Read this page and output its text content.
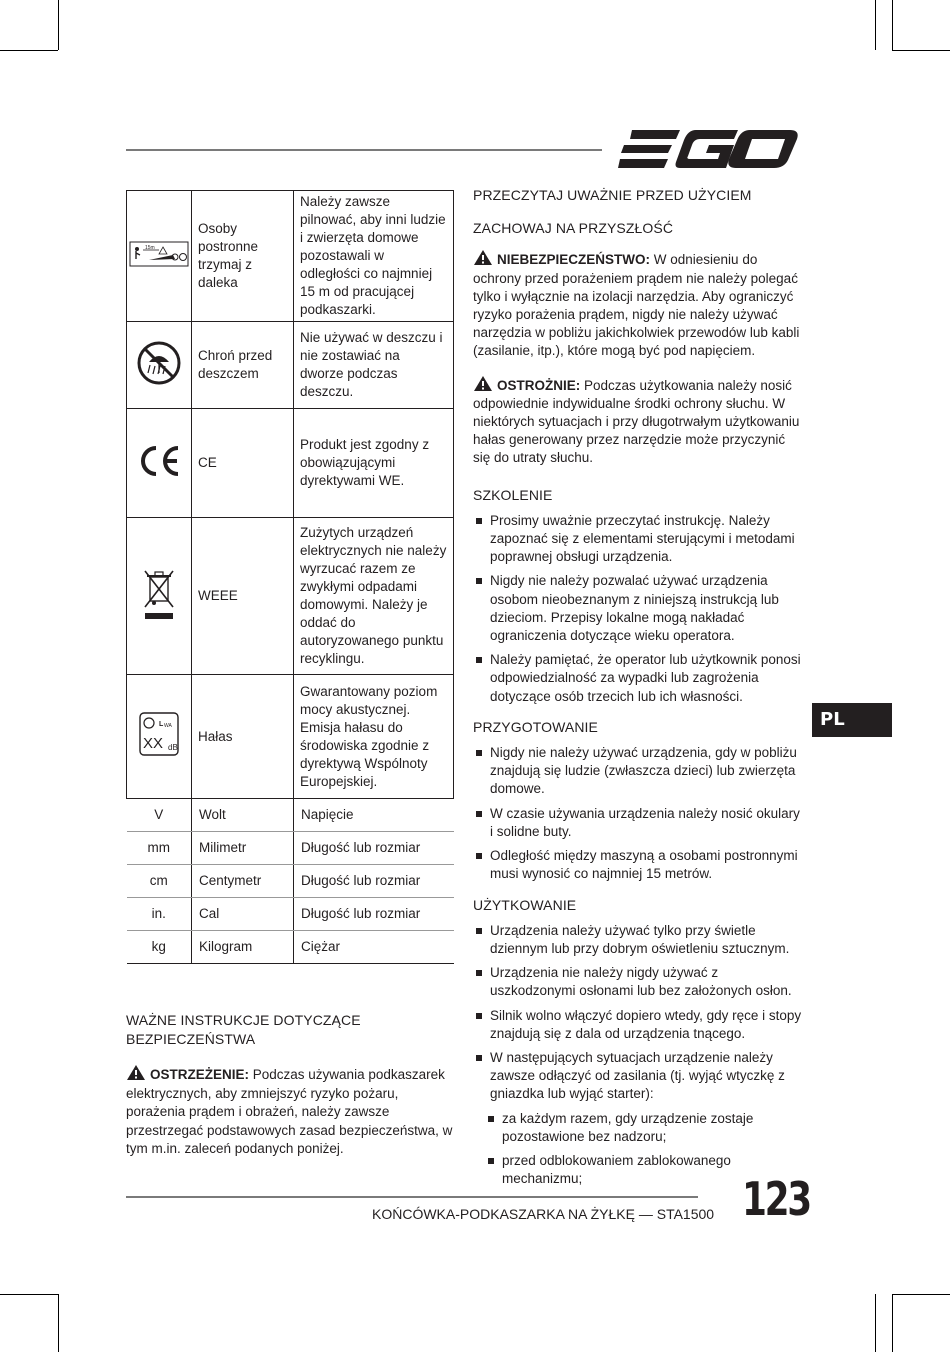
15m	Osoby postronne trzymaj z daleka	Należy zawsze pilnować, aby inni ludzie i zwierzęta domowe pozostawali w odległości co najmniej 15 m od pracującej podkaszarki.
	Chroń przed deszczem	Nie używać w deszczu i nie zostawiać na dworze podczas deszczu.
	CE	Produkt jest zgodny z obowiązującymi dyrektywami WE.
	WEEE	Zużytych urządzeń elektrycznych nie należy wyrzucać razem ze zwykłymi odpadami domowymi. Należy je oddać do autoryzowanego punktu recyklingu.

L WA
XX dB	Hałas	Gwarantowany poziom mocy akustycznej. Emisja hałasu do środowiska zgodnie z dyrektywą Wspólnoty Europejskiej.
V	Wolt	Napięcie
mm	Milimetr	Długość lub rozmiar
cm	Centymetr	Długość lub rozmiar
in.	Cal	Długość lub rozmiar
kg	Kilogram	Ciężar
WAŻNE INSTRUKCJE DOTYCZĄCE BEZPIECZEŃSTWA

OSTRZEŻENIE: Podczas używania podkaszarek elektrycznych, aby zmniejszyć ryzyko pożaru, porażenia prądem i obrażeń, należy zawsze przestrzegać podstawowych zasad bezpieczeństwa, w tym m.in. zaleceń podanych poniżej.

PRZECZYTAJ UWAŻNIE PRZED UŻYCIEM
ZACHOWAJ NA PRZYSZŁOŚĆ

NIEBEZPIECZEŃSTWO: W odniesieniu do ochrony przed porażeniem prądem nie należy polegać tylko i wyłącznie na izolacji narzędzia. Aby ograniczyć ryzyko porażenia prądem, nigdy nie należy używać narzędzia w pobliżu jakichkolwiek przewodów lub kabli (zasilanie, itp.), które mogą być pod napięciem.

OSTROŻNIE: Podczas użytkowania należy nosić odpowiednie indywidualne środki ochrony słuchu. W niektórych sytuacjach i przy długotrwałym użytkowaniu hałas generowany przez narzędzie może przyczynić się do utraty słuchu.

SZKOLENIE
Prosimy uważnie przeczytać instrukcję. Należy zapoznać się z elementami sterującymi i metodami poprawnej obsługi urządzenia.
Nigdy nie należy pozwalać używać urządzenia osobom nieobeznanym z niniejszą instrukcją lub dzieciom. Przepisy lokalne mogą nakładać ograniczenia dotyczące wieku operatora.
Należy pamiętać, że operator lub użytkownik ponosi odpowiedzialność za wypadki lub zagrożenia dotyczące osób trzecich lub ich własności.
PRZYGOTOWANIE
Nigdy nie należy używać urządzenia, gdy w pobliżu znajdują się ludzie (zwłaszcza dzieci) lub zwierzęta domowe.
W czasie używania urządzenia należy nosić okulary i solidne buty.
Odległość między maszyną a osobami postronnymi musi wynosić co najmniej 15 metrów.
UŻYTKOWANIE
Urządzenia należy używać tylko przy świetle dziennym lub przy dobrym oświetleniu sztucznym.
Urządzenia nie należy nigdy używać z uszkodzonymi osłonami lub bez założonych osłon.
Silnik wolno włączyć dopiero wtedy, gdy ręce i stopy znajdują się z dala od urządzenia tnącego.
W następujących sytuacjach urządzenie należy zawsze odłączyć od zasilania (tj. wyjąć wtyczkę z gniazdka lub wyjąć starter):
za każdym razem, gdy urządzenie zostaje pozostawione bez nadzoru;
przed odblokowaniem zablokowanego mechanizmu;
PL
KOŃCÓWKA-PODKASZARKA NA ŻYŁKĘ — STA1500 123
